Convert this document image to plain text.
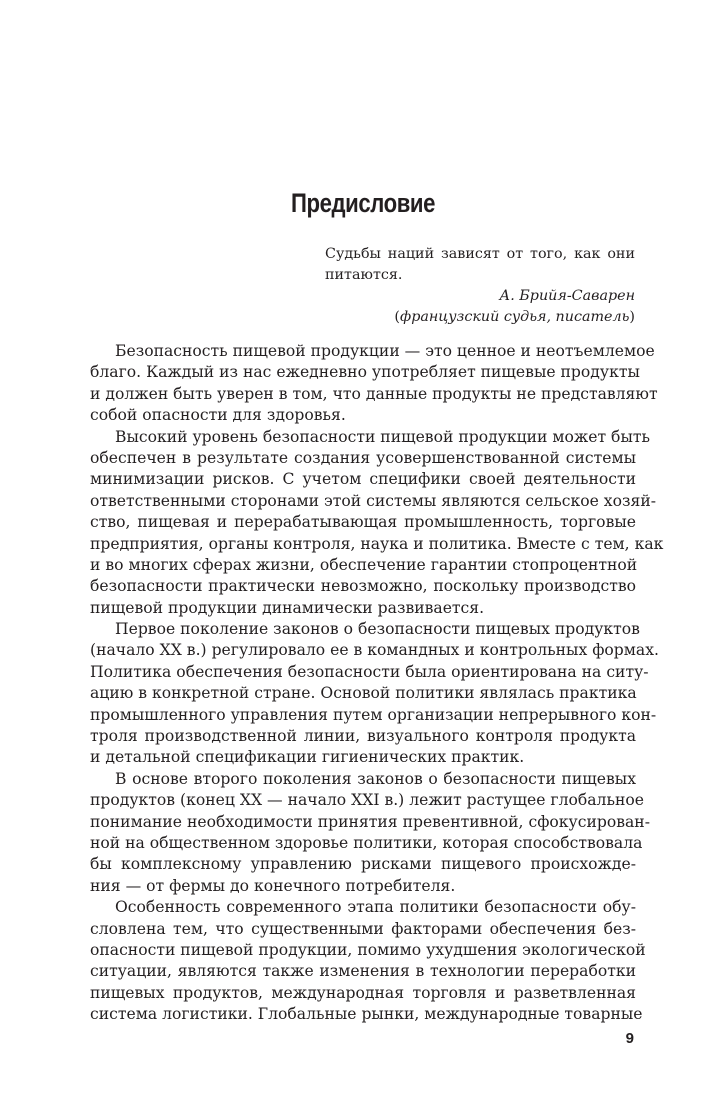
Предисловие
Судьбы наций зависят от того, как они
питаются.
А. Брийя-Саварен
(французский судья, писатель)
Безопасность пищевой продукции — это ценное и неотъемлемое
благо. Каждый из нас ежедневно употребляет пищевые продукты
и должен быть уверен в том, что данные продукты не представляют
собой опасности для здоровья.
Высокий уровень безопасности пищевой продукции может быть
обеспечен в результате создания усовершенствованной системы
минимизации рисков. С учетом специфики своей деятельности
ответственными сторонами этой системы являются сельское хозяй-
ство, пищевая и перерабатывающая промышленность, торговые
предприятия, органы контроля, наука и политика. Вместе с тем, как
и во многих сферах жизни, обеспечение гарантии стопроцентной
безопасности практически невозможно, поскольку производство
пищевой продукции динамически развивается.
Первое поколение законов о безопасности пищевых продуктов
(начало XX в.) регулировало ее в командных и контрольных формах.
Политика обеспечения безопасности была ориентирована на ситу-
ацию в конкретной стране. Основой политики являлась практика
промышленного управления путем организации непрерывного кон-
троля производственной линии, визуального контроля продукта
и детальной спецификации гигиенических практик.
В основе второго поколения законов о безопасности пищевых
продуктов (конец XX — начало XXI в.) лежит растущее глобальное
понимание необходимости принятия превентивной, сфокусирован-
ной на общественном здоровье политики, которая способствовала
бы комплексному управлению рисками пищевого происхожде-
ния — от фермы до конечного потребителя.
Особенность современного этапа политики безопасности обу-
словлена тем, что существенными факторами обеспечения без-
опасности пищевой продукции, помимо ухудшения экологической
ситуации, являются также изменения в технологии переработки
пищевых продуктов, международная торговля и разветвленная
система логистики. Глобальные рынки, международные товарные
9
